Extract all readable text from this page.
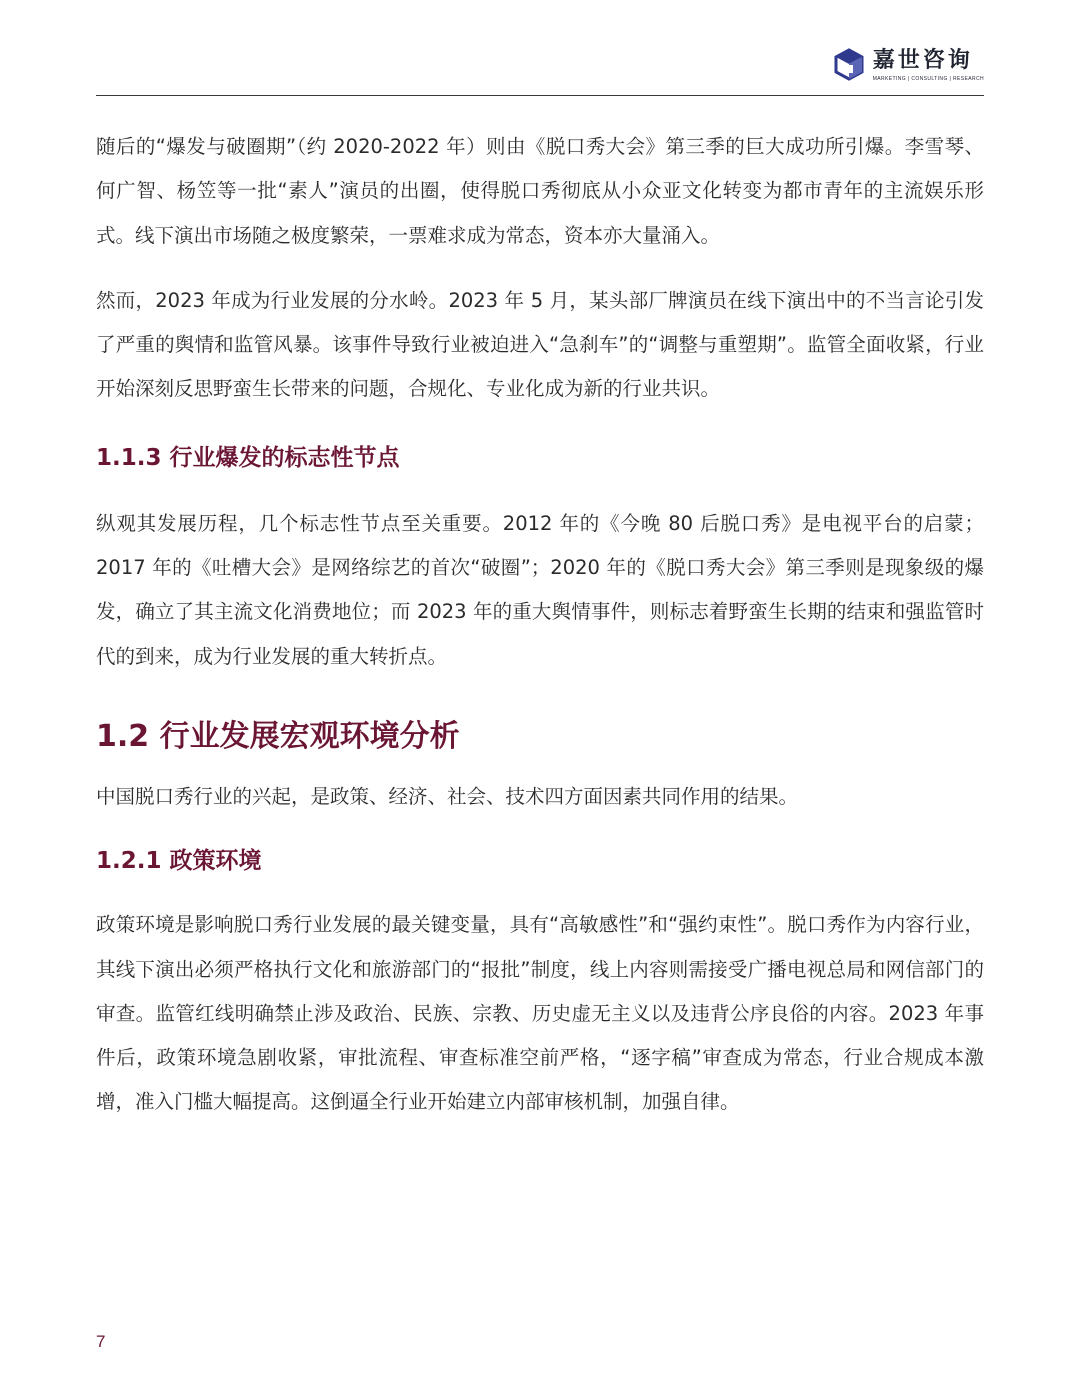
嘉世咨询
MARKETING | CONSULTING | RESEARCH

随后的“爆发与破圈期”（约 2020-2022 年）则由《脱口秀大会》第三季的巨大成功所引爆。李雪琴、何广智、杨笠等一批“素人”演员的出圈，使得脱口秀彻底从小众亚文化转变为都市青年的主流娱乐形式。线下演出市场随之极度繁荣，一票难求成为常态，资本亦大量涌入。

然而，2023 年成为行业发展的分水岭。2023 年 5 月，某头部厂牌演员在线下演出中的不当言论引发了严重的舆情和监管风暴。该事件导致行业被迫进入“急刹车”的“调整与重塑期”。监管全面收紧，行业开始深刻反思野蛮生长带来的问题，合规化、专业化成为新的行业共识。

1.1.3 行业爆发的标志性节点

纵观其发展历程，几个标志性节点至关重要。2012 年的《今晚 80 后脱口秀》是电视平台的启蒙；2017 年的《吐槽大会》是网络综艺的首次“破圈”；2020 年的《脱口秀大会》第三季则是现象级的爆发，确立了其主流文化消费地位；而 2023 年的重大舆情事件，则标志着野蛮生长期的结束和强监管时代的到来，成为行业发展的重大转折点。

1.2 行业发展宏观环境分析

中国脱口秀行业的兴起，是政策、经济、社会、技术四方面因素共同作用的结果。

1.2.1 政策环境

政策环境是影响脱口秀行业发展的最关键变量，具有“高敏感性”和“强约束性”。脱口秀作为内容行业，其线下演出必须严格执行文化和旅游部门的“报批”制度，线上内容则需接受广播电视总局和网信部门的审查。监管红线明确禁止涉及政治、民族、宗教、历史虚无主义以及违背公序良俗的内容。2023 年事件后，政策环境急剧收紧，审批流程、审查标准空前严格，“逐字稿”审查成为常态，行业合规成本激增，准入门槛大幅提高。这倒逼全行业开始建立内部审核机制，加强自律。

7
